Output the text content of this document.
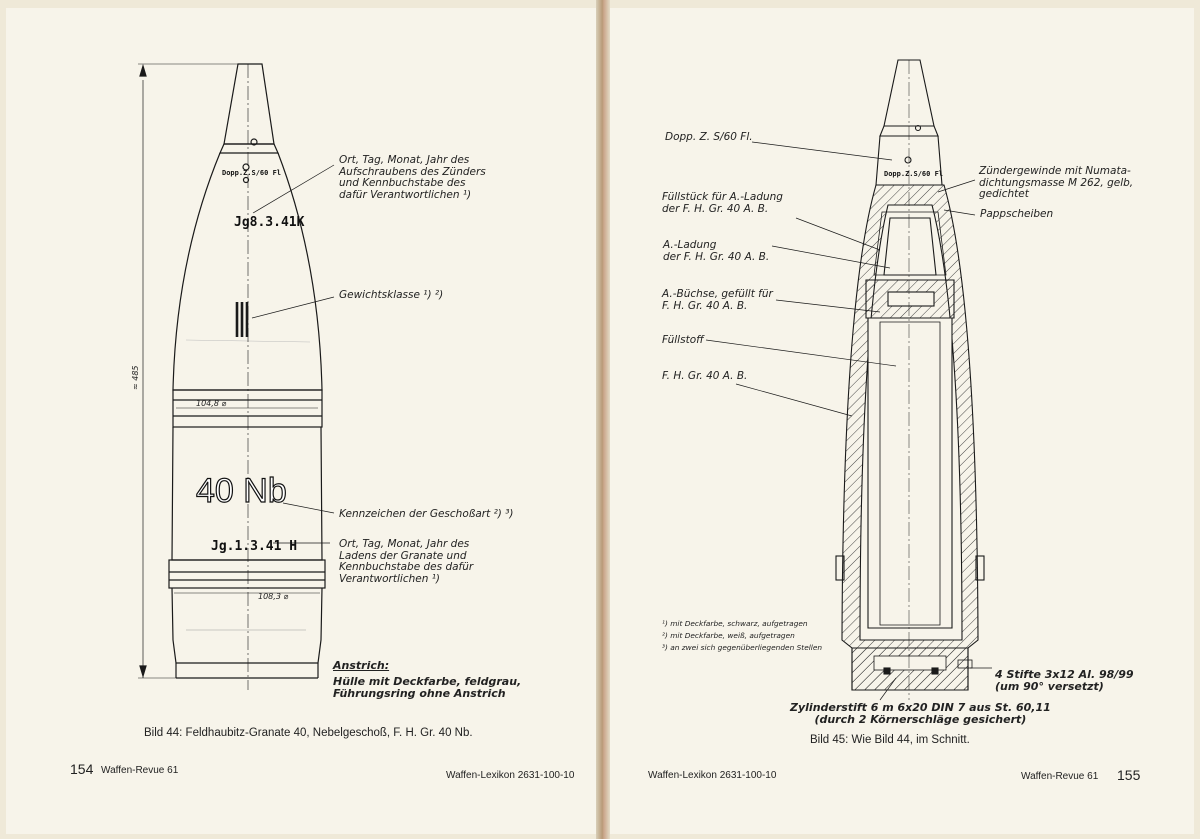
Dopp.Z.S/60 Fl
Jg8.3.41K
40 Nb
Jg.1.3.41 H
104,8 ⌀
108,3 ⌀
≈ 485
Dopp.Z.S/60 Fl
Ort, Tag, Monat, Jahr des
Aufschraubens des Zünders
und Kennbuchstabe des
dafür Verantwortlichen ¹)
Gewichtsklasse ¹) ²)
Kennzeichen der Geschoßart ²) ³)
Ort, Tag, Monat, Jahr des
Ladens der Granate und
Kennbuchstabe des dafür
Verantwortlichen ¹)
Anstrich:
Hülle mit Deckfarbe, feldgrau,
Führungsring ohne Anstrich
Bild 44: Feldhaubitz-Granate 40, Nebelgeschoß, F. H. Gr. 40 Nb.
154 Waffen-Revue 61	Waffen-Lexikon 2631-100-10
Dopp. Z. S/60 Fl.
Zündergewinde mit Numata-
dichtungsmasse M 262, gelb,
gedichtet
Pappscheiben
Füllstück für A.-Ladung
der F. H. Gr. 40 A. B.
A.-Ladung
der F. H. Gr. 40 A. B.
A.-Büchse, gefüllt für
F. H. Gr. 40 A. B.
Füllstoff
F. H. Gr. 40 A. B.
¹) mit Deckfarbe, schwarz, aufgetragen
²) mit Deckfarbe, weiß, aufgetragen
³) an zwei sich gegenüberliegenden Stellen
4 Stifte 3x12 Al. 98/99
(um 90° versetzt)
Zylinderstift 6 m 6x20 DIN 7 aus St. 60,11
(durch 2 Körnerschläge gesichert)
Bild 45: Wie Bild 44, im Schnitt.
Waffen-Lexikon 2631-100-10	Waffen-Revue 61 155
